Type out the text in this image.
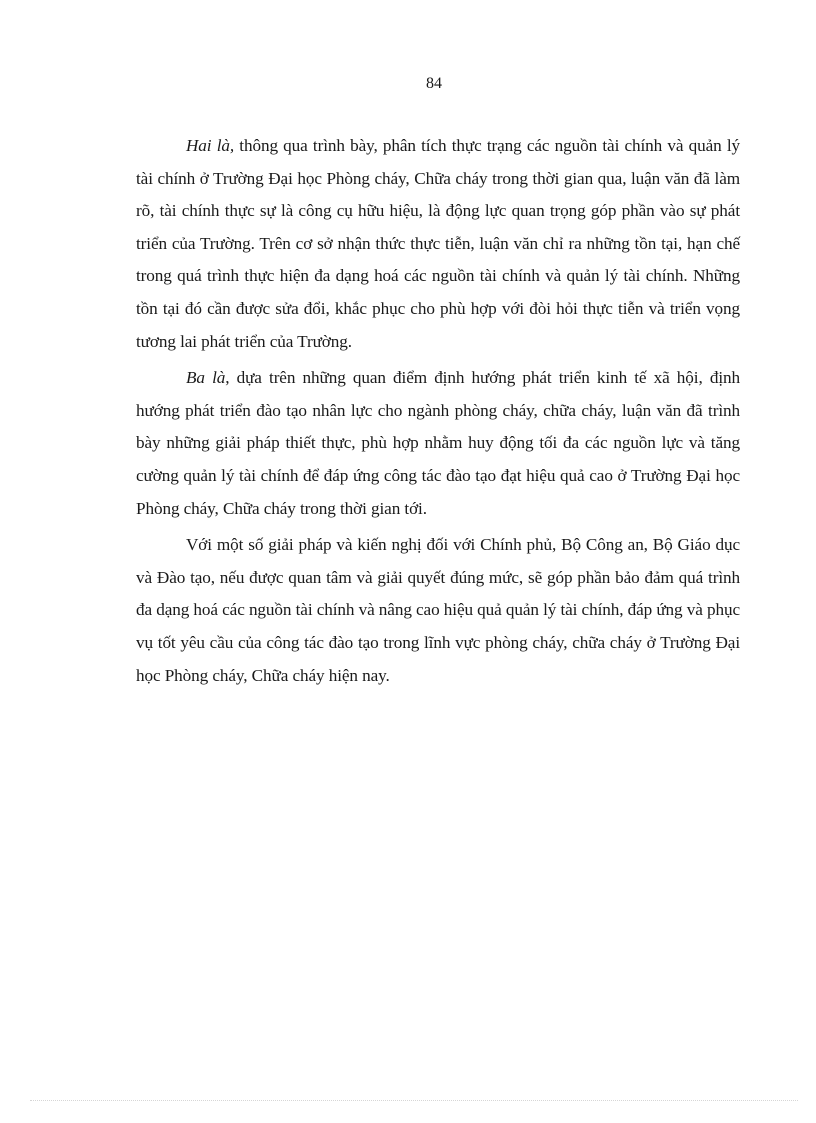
84

Hai là, thông qua trình bày, phân tích thực trạng các nguồn tài chính và quản lý tài chính ở Trường Đại học Phòng cháy, Chữa cháy trong thời gian qua, luận văn đã làm rõ, tài chính thực sự là công cụ hữu hiệu, là động lực quan trọng góp phần vào sự phát triển của Trường. Trên cơ sở nhận thức thực tiễn, luận văn chỉ ra những tồn tại, hạn chế trong quá trình thực hiện đa dạng hoá các nguồn tài chính và quản lý tài chính. Những tồn tại đó cần được sửa đổi, khắc phục cho phù hợp với đòi hỏi thực tiễn và triển vọng tương lai phát triển của Trường.

Ba là, dựa trên những quan điểm định hướng phát triển kinh tế xã hội, định hướng phát triển đào tạo nhân lực cho ngành phòng cháy, chữa cháy, luận văn đã trình bày những giải pháp thiết thực, phù hợp nhằm huy động tối đa các nguồn lực và tăng cường quản lý tài chính để đáp ứng công tác đào tạo đạt hiệu quả cao ở Trường Đại học Phòng cháy, Chữa cháy trong thời gian tới.

Với một số giải pháp và kiến nghị đối với Chính phủ, Bộ Công an, Bộ Giáo dục và Đào tạo, nếu được quan tâm và giải quyết đúng mức, sẽ góp phần bảo đảm quá trình đa dạng hoá các nguồn tài chính và nâng cao hiệu quả quản lý tài chính, đáp ứng và phục vụ tốt yêu cầu của công tác đào tạo trong lĩnh vực phòng cháy, chữa cháy ở Trường Đại học Phòng cháy, Chữa cháy hiện nay.
